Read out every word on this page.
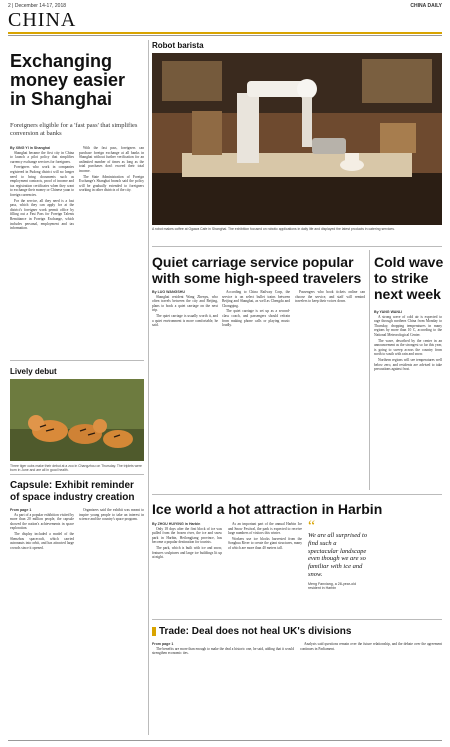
2 | December 14-17, 2018	CHINA DAILY
CHINA
Exchanging money easier in Shanghai
Foreigners eligible for a 'fast pass' that simplifies conversion at banks
By XING YI in Shanghai

Shanghai became the first city in China to launch a pilot policy that simplifies currency exchange services for foreigners.

Foreigners who work in companies registered in Pudong district will no longer need to bring documents such as employment contracts, proof of income and tax registration certificates when they want to exchange their money or Chinese yuan to foreign currencies.

For the service, all they need is a fast pass, which they can apply for at the district's foreigner work permit office by filling out a Fast Pass for Foreign Talents Remittance in Foreign Exchange, which includes personal, employment and tax information.

With the fast pass, foreigners can purchase foreign exchange at all banks in Shanghai without further verification for an unlimited number of times as long as the total purchases don't exceed their total income.

The State Administration of Foreign Exchange's Shanghai branch said the policy will be gradually extended to foreigners working in other districts of the city.

Robot barista
A robot makes coffee at Ogawa Cafe in Shanghai. The exhibition focused on robotic applications in daily life and displayed the latest products in catering services.
Quiet carriage service popular with some high-speed travelers
By LUO WANGSHU

Shanghai resident Wang Zhenyu, who often travels between the city and Beijing, plans to book a quiet carriage on the next trip.

The quiet carriage is usually worth it, and a quiet environment is more comfortable, he said.

According to China Railway Corp, the service is on select bullet trains between Beijing and Shanghai, as well as Chengdu and Chongqing.

The quiet carriage is set up as a second-class coach, and passengers should refrain from making phone calls or playing music loudly.

Passengers who book tickets online can choose the service, and staff will remind travelers to keep their voices down.

Cold wave to strike next week
By YANG WANLI

A strong wave of cold air is expected to rage through northern China from Monday to Thursday, dropping temperatures in many regions by more than 10 C, according to the National Meteorological Center.

The wave, described by the center in an announcement as the strongest so far this year, is going to sweep across the country from north to south with rain and snow.

Northern regions will see temperatures well below zero, and residents are advised to take precautions against frost.

Lively debut
Three tiger cubs make their debut at a zoo in Changzhou on Thursday. The triplets were born in June and are all in good health.
Capsule: Exhibit reminder of space industry creation
From page 1

As part of a popular exhibition visited by more than 20 million people, the capsule showed the nation's achievements in space exploration.

The display included a model of the Shenzhou spacecraft, which carried astronauts into orbit, and has attracted large crowds since it opened.

Organizers said the exhibit was meant to inspire young people to take an interest in science and the country's space program.

Ice world a hot attraction in Harbin
By ZHOU HUIYING in Harbin

Only 18 days after the first block of ice was pulled from the frozen river, the ice and snow park in Harbin, Heilongjiang province, has become a popular destination for tourists.

The park, which is built with ice and snow, features sculptures and large ice buildings lit up at night.

As an important part of the annual Harbin Ice and Snow Festival, the park is expected to receive large numbers of visitors this winter.

Workers use ice blocks harvested from the Songhua River to create the giant structures, many of which are more than 40 meters tall.

“
We are all surprised to find such a spectacular landscape even though we are so familiar with ice and snow.
Meng Fanxiang, a 28-year-old resident in Harbin
Trade: Deal does not heal UK's divisions
From page 1

The benefits are more than enough to make the deal a historic one, he said, adding that it would strengthen economic ties.

Analysts said questions remain over the future relationship, and the debate over the agreement continues in Parliament.
